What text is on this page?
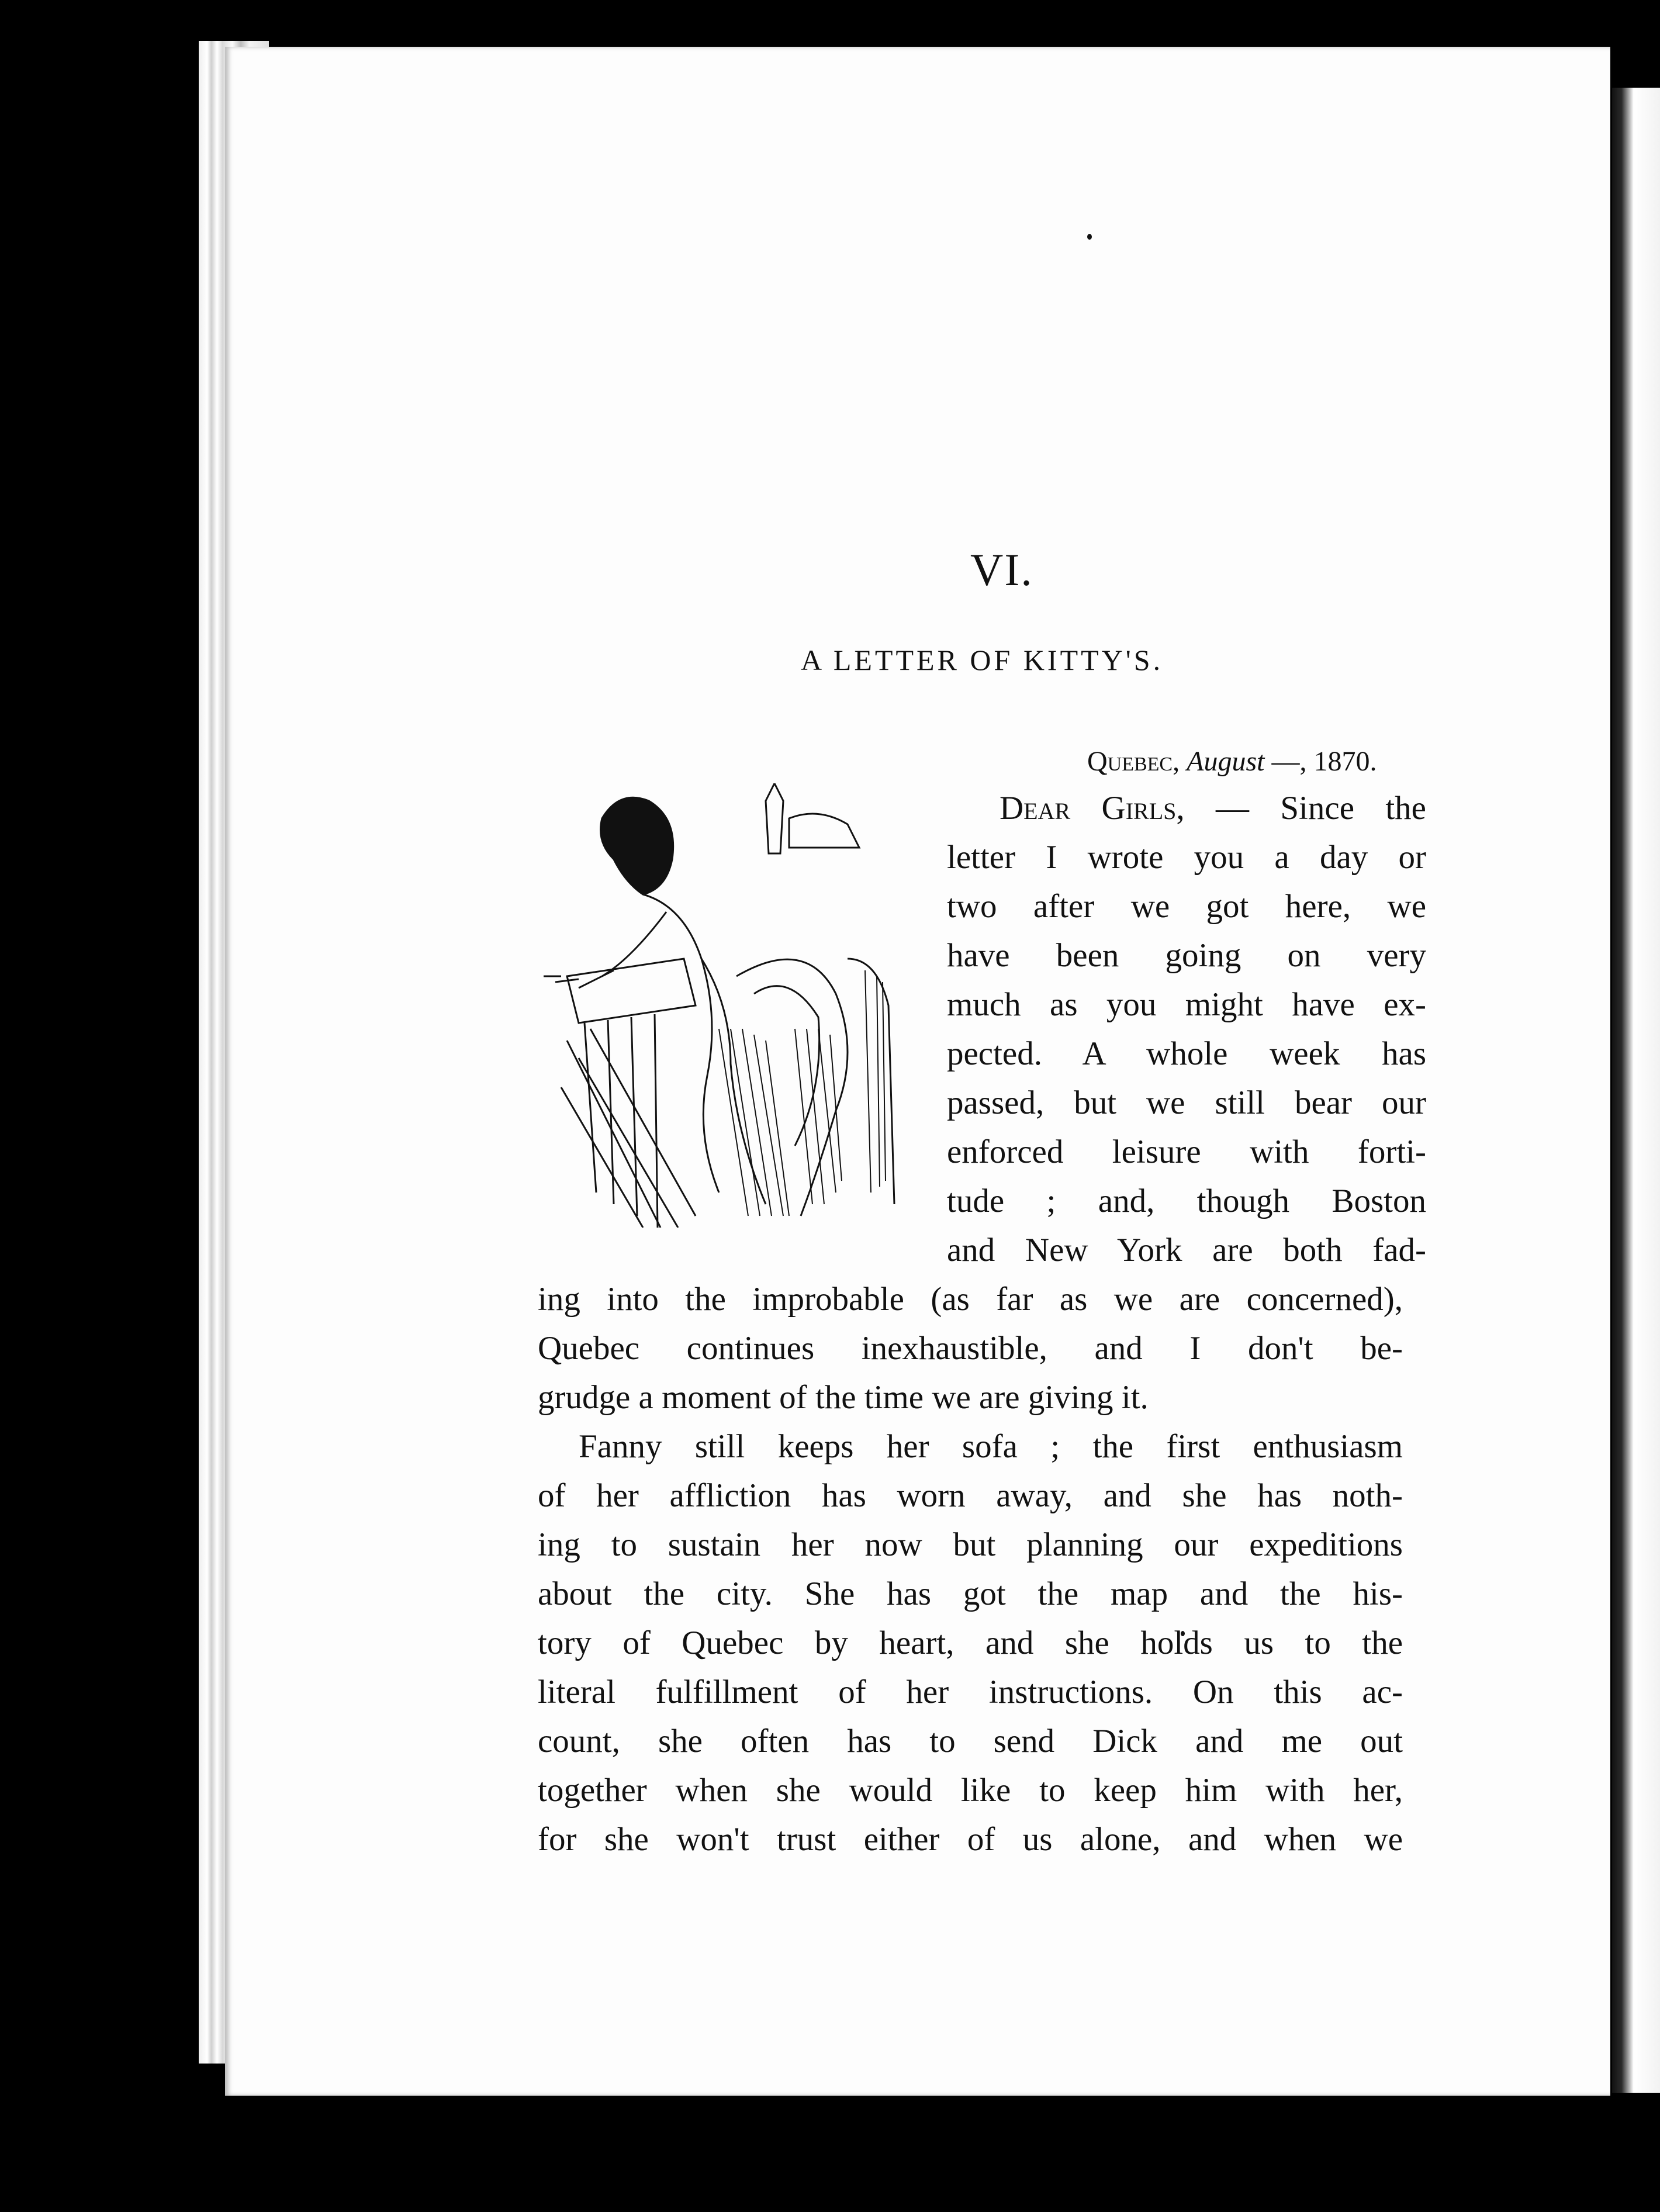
VI.
A LETTER OF KITTY'S.
Quebec, August —, 1870.
Dear Girls, — Since the
letter I wrote you a day or
two after we got here, we
have been going on very
much as you might have ex-
pected. A whole week has
passed, but we still bear our
enforced leisure with forti-
tude ; and, though Boston
and New York are both fad-
ing into the improbable (as far as we are concerned),
Quebec continues inexhaustible, and I don't be-
grudge a moment of the time we are giving it.
Fanny still keeps her sofa ; the first enthusiasm
of her affliction has worn away, and she has noth-
ing to sustain her now but planning our expeditions
about the city. She has got the map and the his-
tory of Quebec by heart, and she holds us to the
literal fulfillment of her instructions. On this ac-
count, she often has to send Dick and me out
together when she would like to keep him with her,
for she won't trust either of us alone, and when we
